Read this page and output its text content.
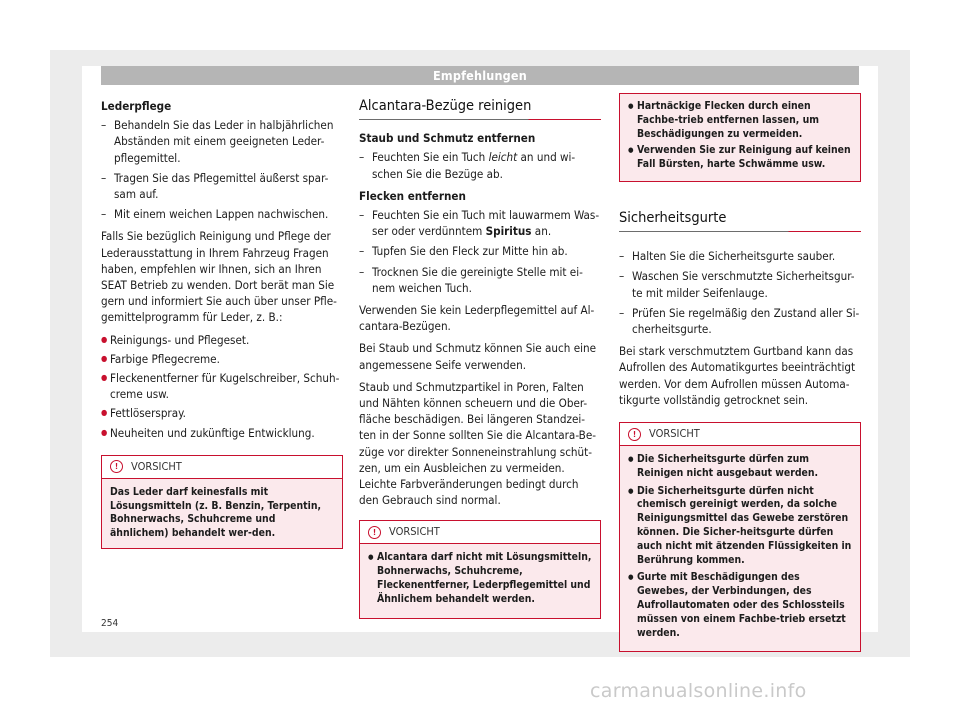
Empfehlungen
Lederpflege
– Behandeln Sie das Leder in halbjährlichen Abständen mit einem geeigneten Leder-pflegemittel.
– Tragen Sie das Pflegemittel äußerst spar-sam auf.
– Mit einem weichen Lappen nachwischen.

Falls Sie bezüglich Reinigung und Pflege der Lederausstattung in Ihrem Fahrzeug Fragen haben, empfehlen wir Ihnen, sich an Ihren SEAT Betrieb zu wenden. Dort berät man Sie gern und informiert Sie auch über unser Pfle-gemittelprogramm für Leder, z. B.:

● Reinigungs- und Pflegeset.
● Farbige Pflegecreme.
● Fleckenentferner für Kugelschreiber, Schuh-creme usw.
● Fettlöserspray.
● Neuheiten und zukünftige Entwicklung.
!	VORSICHT
Das Leder darf keinesfalls mit Lösungsmitteln (z. B. Benzin, Terpentin, Bohnerwachs, Schuhcreme und ähnlichem) behandelt wer-den.
Alcantara-Bezüge reinigen
Staub und Schmutz entfernen
– Feuchten Sie ein Tuch leicht an und wi-schen Sie die Bezüge ab.
Flecken entfernen
– Feuchten Sie ein Tuch mit lauwarmem Was-ser oder verdünntem Spiritus an.
– Tupfen Sie den Fleck zur Mitte hin ab.
– Trocknen Sie die gereinigte Stelle mit ei-nem weichen Tuch.

Verwenden Sie kein Lederpflegemittel auf Al-cantara-Bezügen.

Bei Staub und Schmutz können Sie auch eine angemessene Seife verwenden.

Staub und Schmutzpartikel in Poren, Falten und Nähten können scheuern und die Ober-fläche beschädigen. Bei längeren Standzei-ten in der Sonne sollten Sie die Alcantara-Be-züge vor direkter Sonneneinstrahlung schüt-zen, um ein Ausbleichen zu vermeiden. Leichte Farbveränderungen bedingt durch den Gebrauch sind normal.

!	VORSICHT
● Alcantara darf nicht mit Lösungsmitteln, Bohnerwachs, Schuhcreme, Fleckenentferner, Lederpflegemittel und Ähnlichem behandelt werden.
● Hartnäckige Flecken durch einen Fachbe-trieb entfernen lassen, um Beschädigungen zu vermeiden.
● Verwenden Sie zur Reinigung auf keinen Fall Bürsten, harte Schwämme usw.
Sicherheitsgurte
– Halten Sie die Sicherheitsgurte sauber.
– Waschen Sie verschmutzte Sicherheitsgur-te mit milder Seifenlauge.
– Prüfen Sie regelmäßig den Zustand aller Si-cherheitsgurte.

Bei stark verschmutztem Gurtband kann das Aufrollen des Automatikgurtes beeinträchtigt werden. Vor dem Aufrollen müssen Automa-tikgurte vollständig getrocknet sein.

!	VORSICHT
● Die Sicherheitsgurte dürfen zum Reinigen nicht ausgebaut werden.
● Die Sicherheitsgurte dürfen nicht chemisch gereinigt werden, da solche Reinigungsmittel das Gewebe zerstören können. Die Sicher-heitsgurte dürfen auch nicht mit ätzenden Flüssigkeiten in Berührung kommen.
● Gurte mit Beschädigungen des Gewebes, der Verbindungen, des Aufrollautomaten oder des Schlossteils müssen von einem Fachbe-trieb ersetzt werden.
254
carmanualsonline.info
